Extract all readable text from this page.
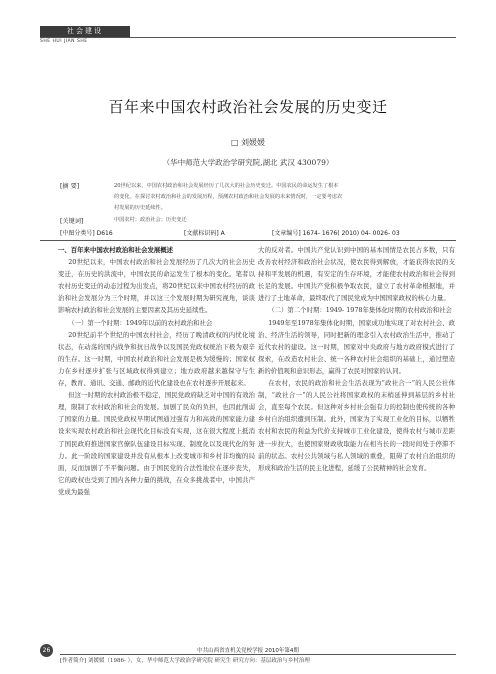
社会建设
SHE HUI JIAN SHE
百年来中国农村政治社会发展的历史变迁
□ 刘媛媛
（华中师范大学政治学研究院,湖北 武汉 430079）
[摘 要]	20世纪以来，中国农村政治和社会发展经历了几次大的社会历史变迁。中国农民的命运发生了根本
的变化。在探讨农村政治和社会的发展历程，预测农村政治和社会发展的未来情况时，一定要考虑农
村发展的历史延续性。
[关键词]	中国农村；政治社会；历史变迁
[中图分类号] D616	[文献标识码] A	[文章编号] 1674- 1676( 2010) 04- 0026- 03

一、百年来中国农村政治和社会发展概述

20世纪以来，中国农村政治和社会发展经历了几次大的社会历史变迁，在历史的洪流中，中国农民的命运发生了根本的变化。笔者以农村历史变迁的动态过程为出发点，将20世纪以来中国农村经历的政治和社会发展分为三个时期，并以这三个发展时期为研究视角，谈谈影响农村政治和社会发展的主要因素及其历史延续性。

（一）第一个时期：1949年以前的农村政治和社会

20世纪前半个世纪的中国农村社会，经历了晚清政权的内忧化境状态，在动荡的国内战争和抗日战争以及国民党政权统治下极为艰辛的生存。这一时期，中国农村政治和社会发展是极为缓慢的；国家权力在乡村逐步扩张与区域政权得到建立；地方政府越来越保守与生存，教育、通讯、交通、邮政的近代化建设也在农村逐步开展起来。

但这一时期的农村政治极不稳定，国民党政府缺乏对中国的有效治理，限制了农村政治和社会的发展。加剧了民众的负担，也因此削弱了国家的力量。国民党政权早期试图通过强有力和高效的国家能力建设来实现农村政治和社会现代化目标没有实现，这在很大程度上抵消了国民政府推进国家官僚队伍建设目标实现、制度化以及现代化的努力。此一阶段的国家建设并没有从根本上改变城市和乡村非均衡的局面，反而加剧了不平衡问题。由于国民党的合法性地位在逐步丧失，它的政权也受到了国内各种力量的挑战，在众多挑战者中，中国共产党成为最强

大的反对者。中国共产党认识到中国的基本国情是农民占多数，只有改善农村经济和政治社会状况，使农民得到解放，才能获得农民的支持和平发展的机遇，有安定的生存环境，才能使农村政治和社会得到长足的发展。中国共产党积极争取农民，建立了农村革命根据地，并进行了土地革命，最终取代了国民党成为中国国家政权的核心力量。

（二）第二个时期：1949- 1978年集体化时期的农村政治和社会

1949年至1978年集体化时期，国家成功地实现了对农村社会、政治、经济生活的领导，同时把新的理念引入农村政治生活中，推动了近代农村的建设。这一时期，国家对中央政府与地方政府模式进行了探索，在改造农村社会、统一各种农村社会组织的基础上，通过塑造新的价值观和意识形态，赢得了农民对国家的认同。

在农村，农民的政治和社会生活表现为“政社合一”的人民公社体制，“政社合一”的人民公社将国家政权的末梢延伸到基层的乡村社会，直至每个农民。但这种对乡村社会强有力的控制也使传统的各种乡村自治组织遭到压制。此外，国家为了实现工业化的目标，以牺牲农村和农民的利益为代价支持城市工业化建设，使得农村与城市差距进一步拉大，也使国家财政收取能力在相当长的一段时间处于停滞不前的状态。农村公共领域与私人领域的重叠，阻碍了农村自治组织的形成和政治生活的民主化进程，延缓了公民精神的社会发育。

26	中共山西省直机关党校学报 2010年第4期
[作者简介] 刘媛媛（1986- ），女，华中师范大学政治学研究院 研究生 研究方向：基层政治与乡村治理
